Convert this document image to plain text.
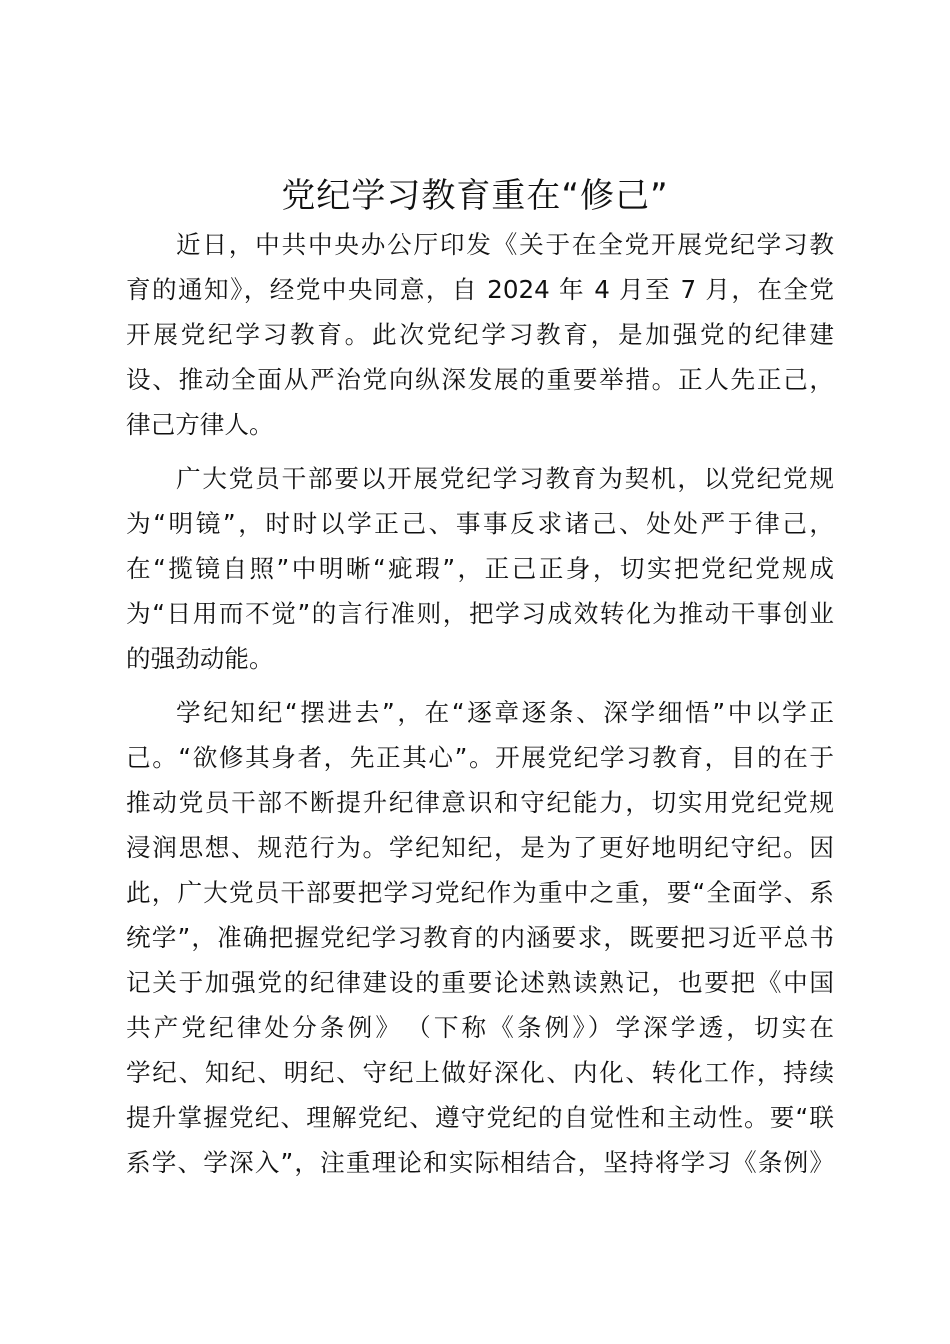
党纪学习教育重在“修己”

近日，中共中央办公厅印发《关于在全党开展党纪学习教
育的通知》，经党中央同意，自 2024 年 4 月至 7 月，在全党
开展党纪学习教育。此次党纪学习教育，是加强党的纪律建
设、推动全面从严治党向纵深发展的重要举措。正人先正己，
律己方律人。

广大党员干部要以开展党纪学习教育为契机，以党纪党规
为“明镜”，时时以学正己、事事反求诸己、处处严于律己，
在“揽镜自照”中明晰“疵瑕”，正己正身，切实把党纪党规成
为“日用而不觉”的言行准则，把学习成效转化为推动干事创业
的强劲动能。

学纪知纪“摆进去”，在“逐章逐条、深学细悟”中以学正
己。“欲修其身者，先正其心”。开展党纪学习教育，目的在于
推动党员干部不断提升纪律意识和守纪能力，切实用党纪党规
浸润思想、规范行为。学纪知纪，是为了更好地明纪守纪。因
此，广大党员干部要把学习党纪作为重中之重，要“全面学、系
统学”，准确把握党纪学习教育的内涵要求，既要把习近平总书
记关于加强党的纪律建设的重要论述熟读熟记，也要把《中国
共产党纪律处分条例》　（下称《条例》）学深学透，切实在
学纪、知纪、明纪、守纪上做好深化、内化、转化工作，持续
提升掌握党纪、理解党纪、遵守党纪的自觉性和主动性。要“联
系学、学深入”，注重理论和实际相结合，坚持将学习《条例》
